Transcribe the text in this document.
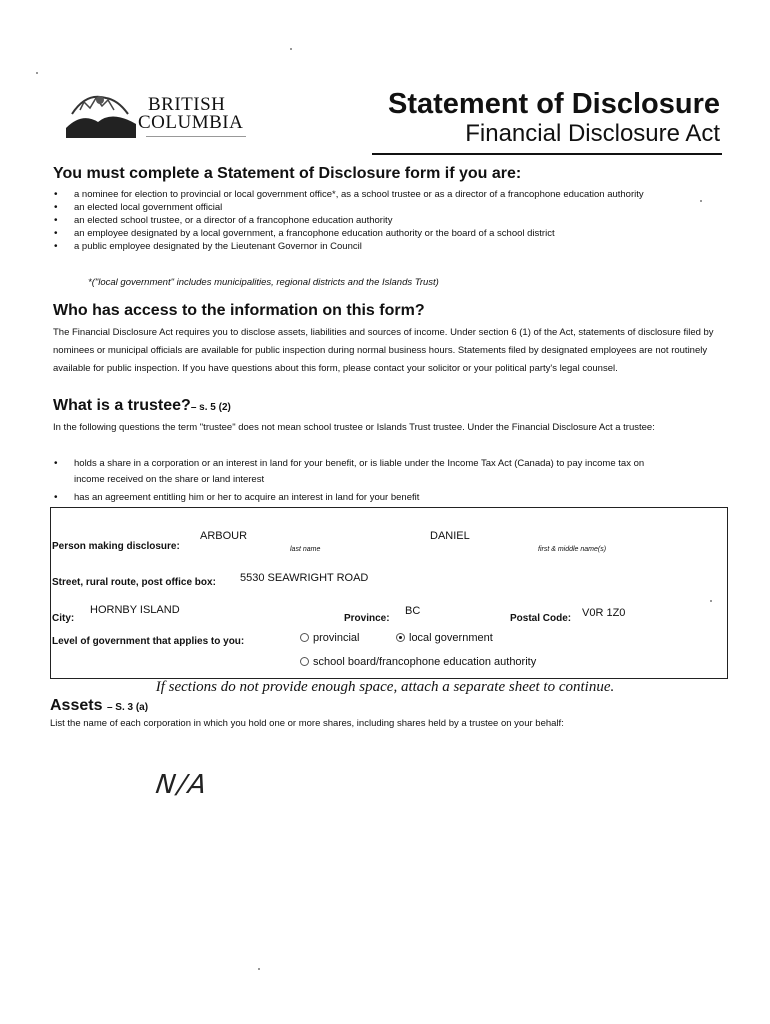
BRITISH
COLUMBIA
Statement of Disclosure
Financial Disclosure Act
You must complete a Statement of Disclosure form if you are:
• a nominee for election to provincial or local government office*, as a school trustee or as a director of a francophone education authority
• an elected local government official
• an elected school trustee, or a director of a francophone education authority
• an employee designated by a local government, a francophone education authority or the board of a school district
• a public employee designated by the Lieutenant Governor in Council
*("local government" includes municipalities, regional districts and the Islands Trust)
Who has access to the information on this form?
The Financial Disclosure Act requires you to disclose assets, liabilities and sources of income. Under section 6 (1) of the Act, statements of disclosure filed by nominees or municipal officials are available for public inspection during normal business hours. Statements filed by designated employees are not routinely available for public inspection. If you have questions about this form, please contact your solicitor or your political party's legal counsel.
What is a trustee?– s. 5 (2)
In the following questions the term "trustee" does not mean school trustee or Islands Trust trustee. Under the Financial Disclosure Act a trustee:
• holds a share in a corporation or an interest in land for your benefit, or is liable under the Income Tax Act (Canada) to pay income tax on income received on the share or land interest
• has an agreement entitling him or her to acquire an interest in land for your benefit
Person making disclosure:
ARBOUR
last name
DANIEL
first & middle name(s)
Street, rural route, post office box: 5530 SEAWRIGHT ROAD
City:
HORNBY ISLAND
Province:
BC
Postal Code: V0R 1Z0
Level of government that applies to you:	provincial	local government
school board/francophone education authority
If sections do not provide enough space, attach a separate sheet to continue.
Assets – S. 3 (a)
List the name of each corporation in which you hold one or more shares, including shares held by a trustee on your behalf:
N/A
